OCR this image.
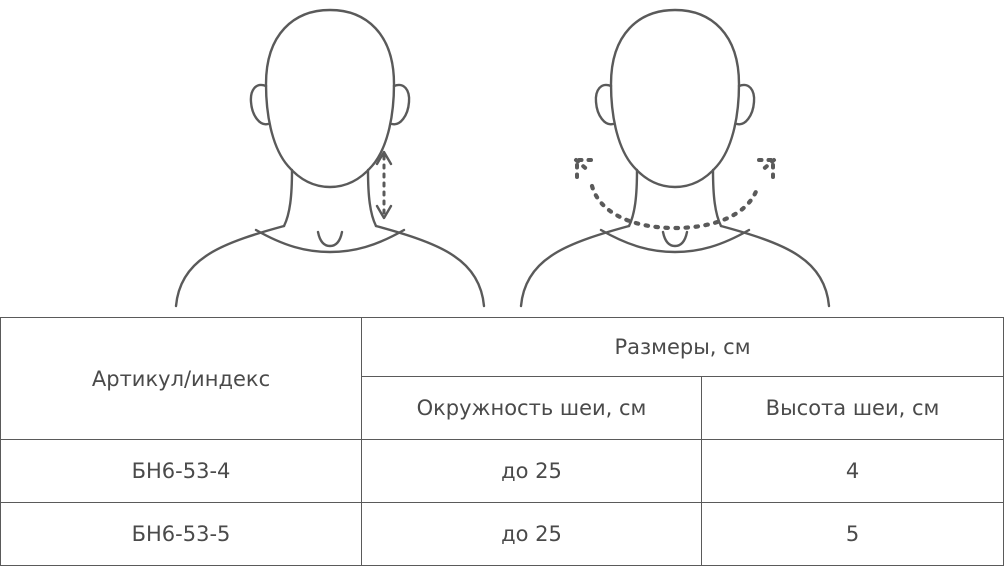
Артикул/индекс	Размеры, см	
	Окружность шеи, см	Высота шеи, см
БН6-53-4	до 25	4
БН6-53-5	до 25	5
